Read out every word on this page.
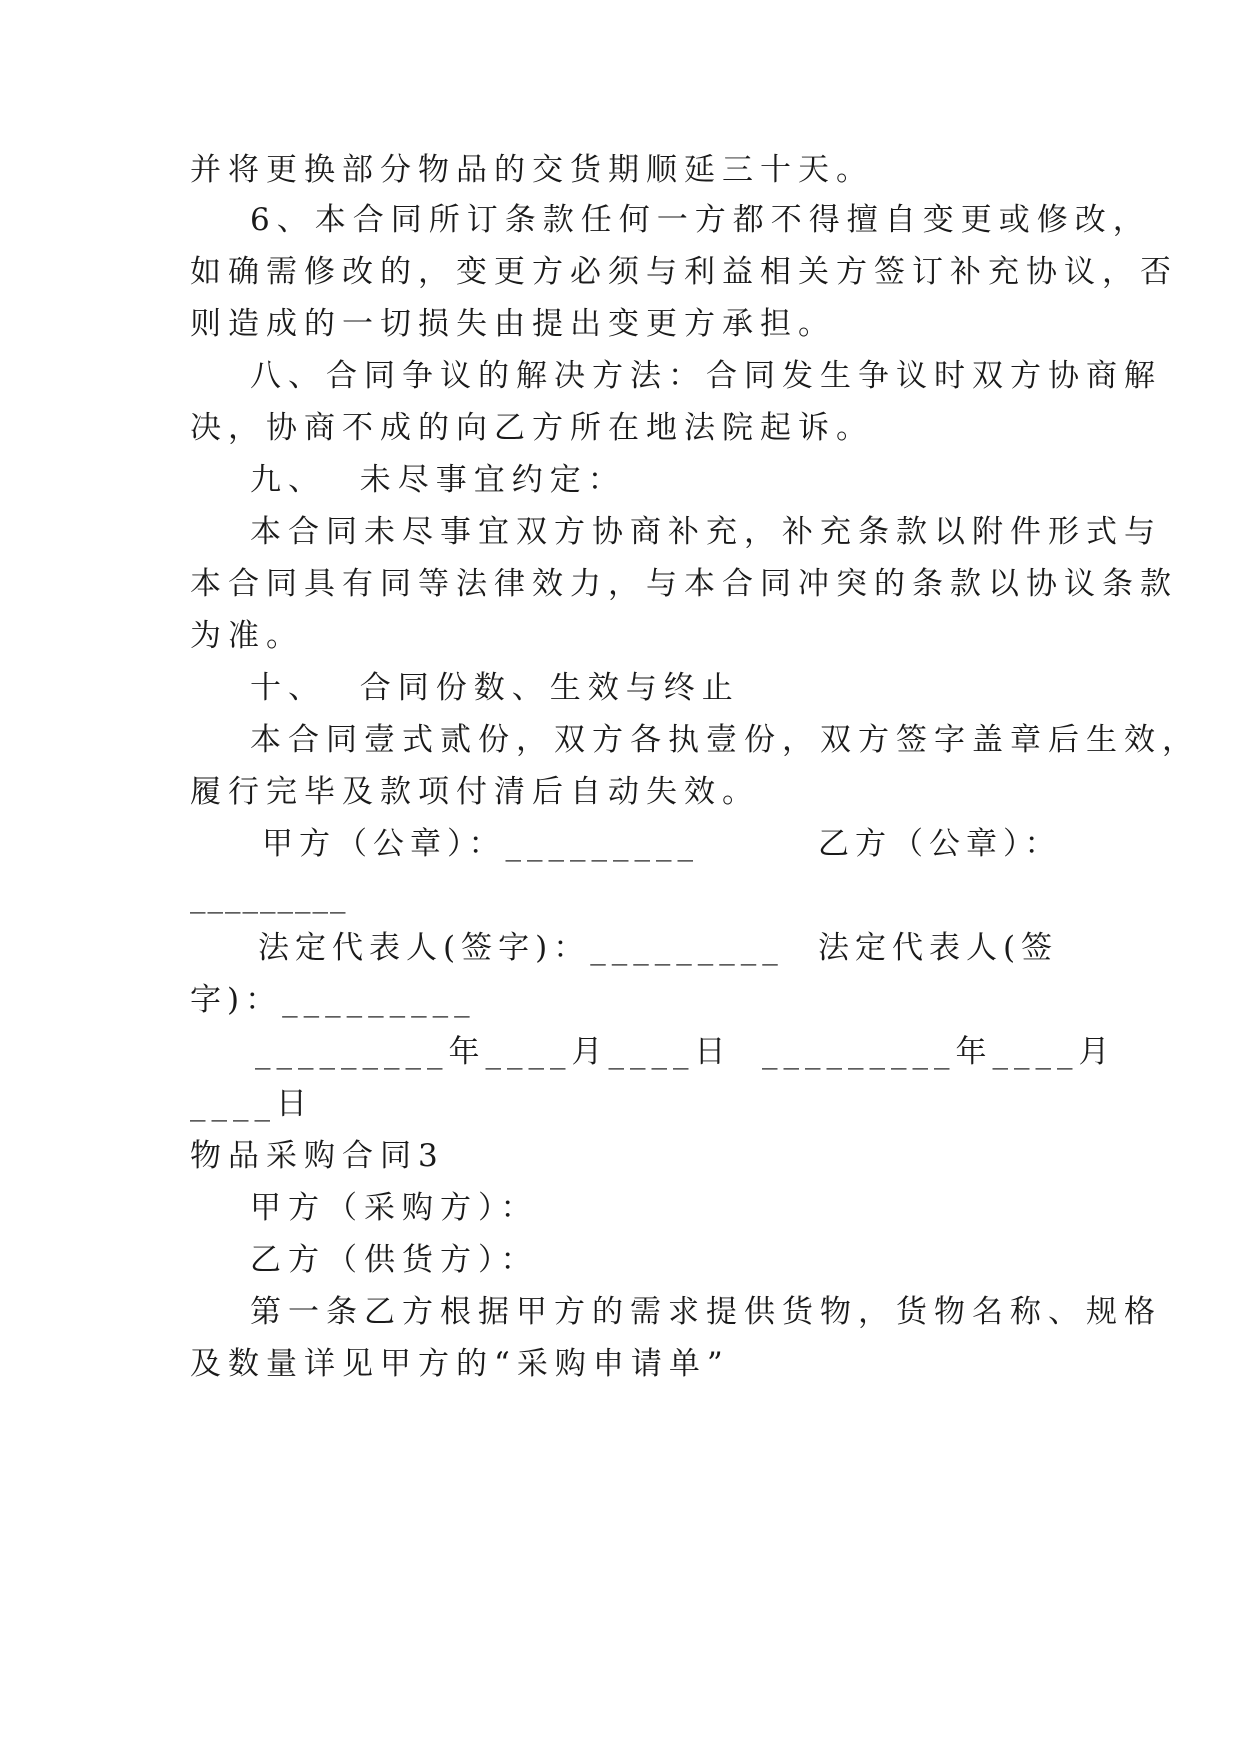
并将更换部分物品的交货期顺延三十天。
6、本合同所订条款任何一方都不得擅自变更或修改，
如确需修改的，变更方必须与利益相关方签订补充协议，否
则造成的一切损失由提出变更方承担。
八、合同争议的解决方法：合同发生争议时双方协商解
决，协商不成的向乙方所在地法院起诉。
九、  未尽事宜约定：
本合同未尽事宜双方协商补充，补充条款以附件形式与
本合同具有同等法律效力，与本合同冲突的条款以协议条款
为准。
十、  合同份数、生效与终止
本合同壹式贰份，双方各执壹份，双方签字盖章后生效，
履行完毕及款项付清后自动失效。
甲方（公章）：_________	乙方（公章）：
_________
法定代表人(签字)：_________ 法定代表人(签
字)：_________
_________年____月____日 _________年____月
____日
物品采购合同3
甲方（采购方）：
乙方（供货方）：
第一条乙方根据甲方的需求提供货物，货物名称、规格
及数量详见甲方的“采购申请单”
